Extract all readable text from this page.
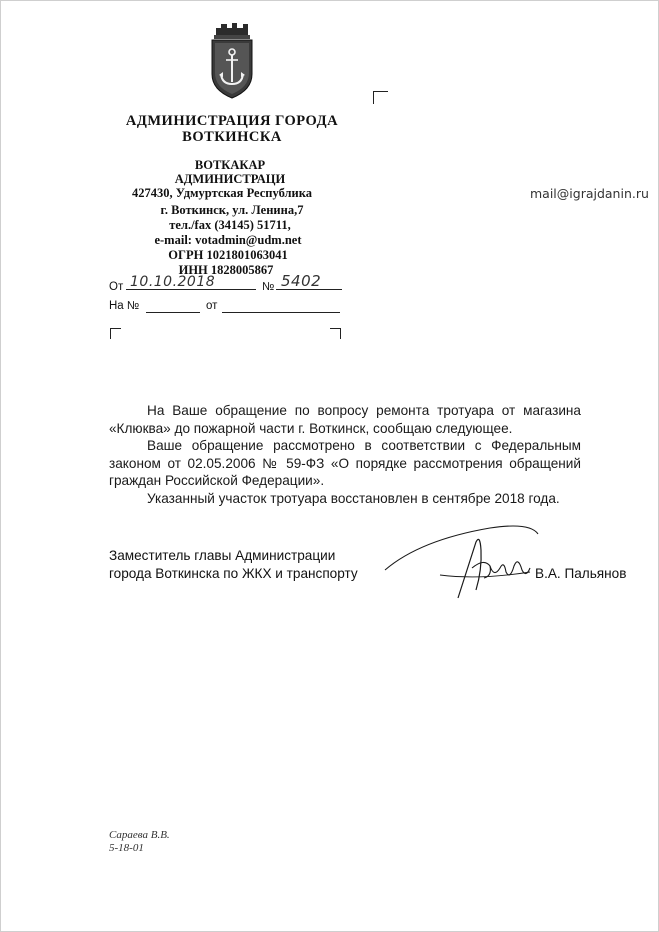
АДМИНИСТРАЦИЯ ГОРОДА
ВОТКИНСКА
ВОТКАКАР
АДМИНИСТРАЦИ
427430, Удмуртская Республика
г. Воткинск, ул. Ленина,7
тел./fax (34145) 51711,
e-mail: votadmin@udm.net
ОГРН 1021801063041
ИНН 1828005867
mail@igrajdanin.ru
От 10.10.2018	№ 5402
На №	от

На Ваше обращение по вопросу ремонта тротуара от магазина «Клюква» до пожарной части г. Воткинск, сообщаю следующее.

Ваше обращение рассмотрено в соответствии с Федеральным законом от 02.05.2006 № 59-ФЗ «О порядке рассмотрения обращений граждан Российской Федерации».

Указанный участок тротуара восстановлен в сентябре 2018 года.

Заместитель главы Администрации
города Воткинска по ЖКХ и транспорту	В.А. Пальянов
Сараева В.В.
5-18-01
